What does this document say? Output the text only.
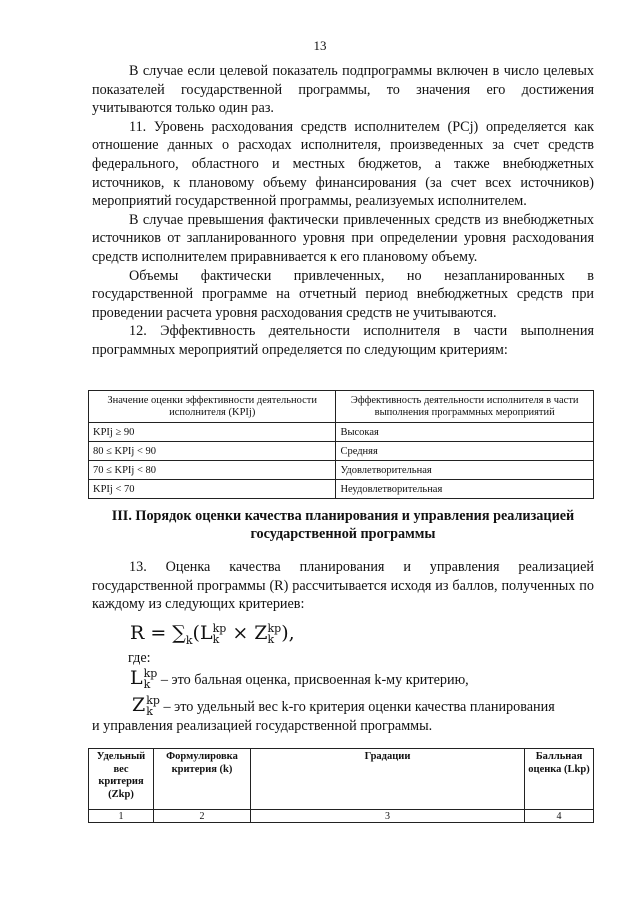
13

В случае если целевой показатель подпрограммы включен в число целевых показателей государственной программы, то значения его достижения учитываются только один раз.

11. Уровень расходования средств исполнителем (PCj) определяется как отношение данных о расходах исполнителя, произведенных за счет средств федерального, областного и местных бюджетов, а также внебюджетных источников, к плановому объему финансирования (за счет всех источников) мероприятий государственной программы, реализуемых исполнителем.

В случае превышения фактически привлеченных средств из внебюджетных источников от запланированного уровня при определении уровня расходования средств исполнителем приравнивается к его плановому объему.

Объемы фактически привлеченных, но незапланированных в государственной программе на отчетный период внебюджетных средств при проведении расчета уровня расходования средств не учитываются.

12. Эффективность деятельности исполнителя в части выполнения программных мероприятий определяется по следующим критериям:

Значение оценки эффективности деятельности исполнителя (KPIj)	Эффективность деятельности исполнителя в части выполнения программных мероприятий
KPIj ≥ 90	Высокая
80 ≤ KPIj < 90	Средняя
70 ≤ KPIj < 80	Удовлетворительная
KPIj < 70	Неудовлетворительная
III. Порядок оценки качества планирования и управления реализацией государственной программы

13. Оценка качества планирования и управления реализацией государственной программы (R) рассчитывается исходя из баллов, полученных по каждому из следующих критериев:

$R = \sum_k(L$ kp
k × Z kp
k ),
где:
L kp
k – это бальная оценка, присвоенная k-му критерию,
Z kp
k – это удельный вес k-го критерия оценки качества планирования
и управления реализацией государственной программы.
Удельный вес критерия (Zkp)	Формулировка критерия (k)	Градации	Балльная оценка (Lkp)
1	2	3	4
